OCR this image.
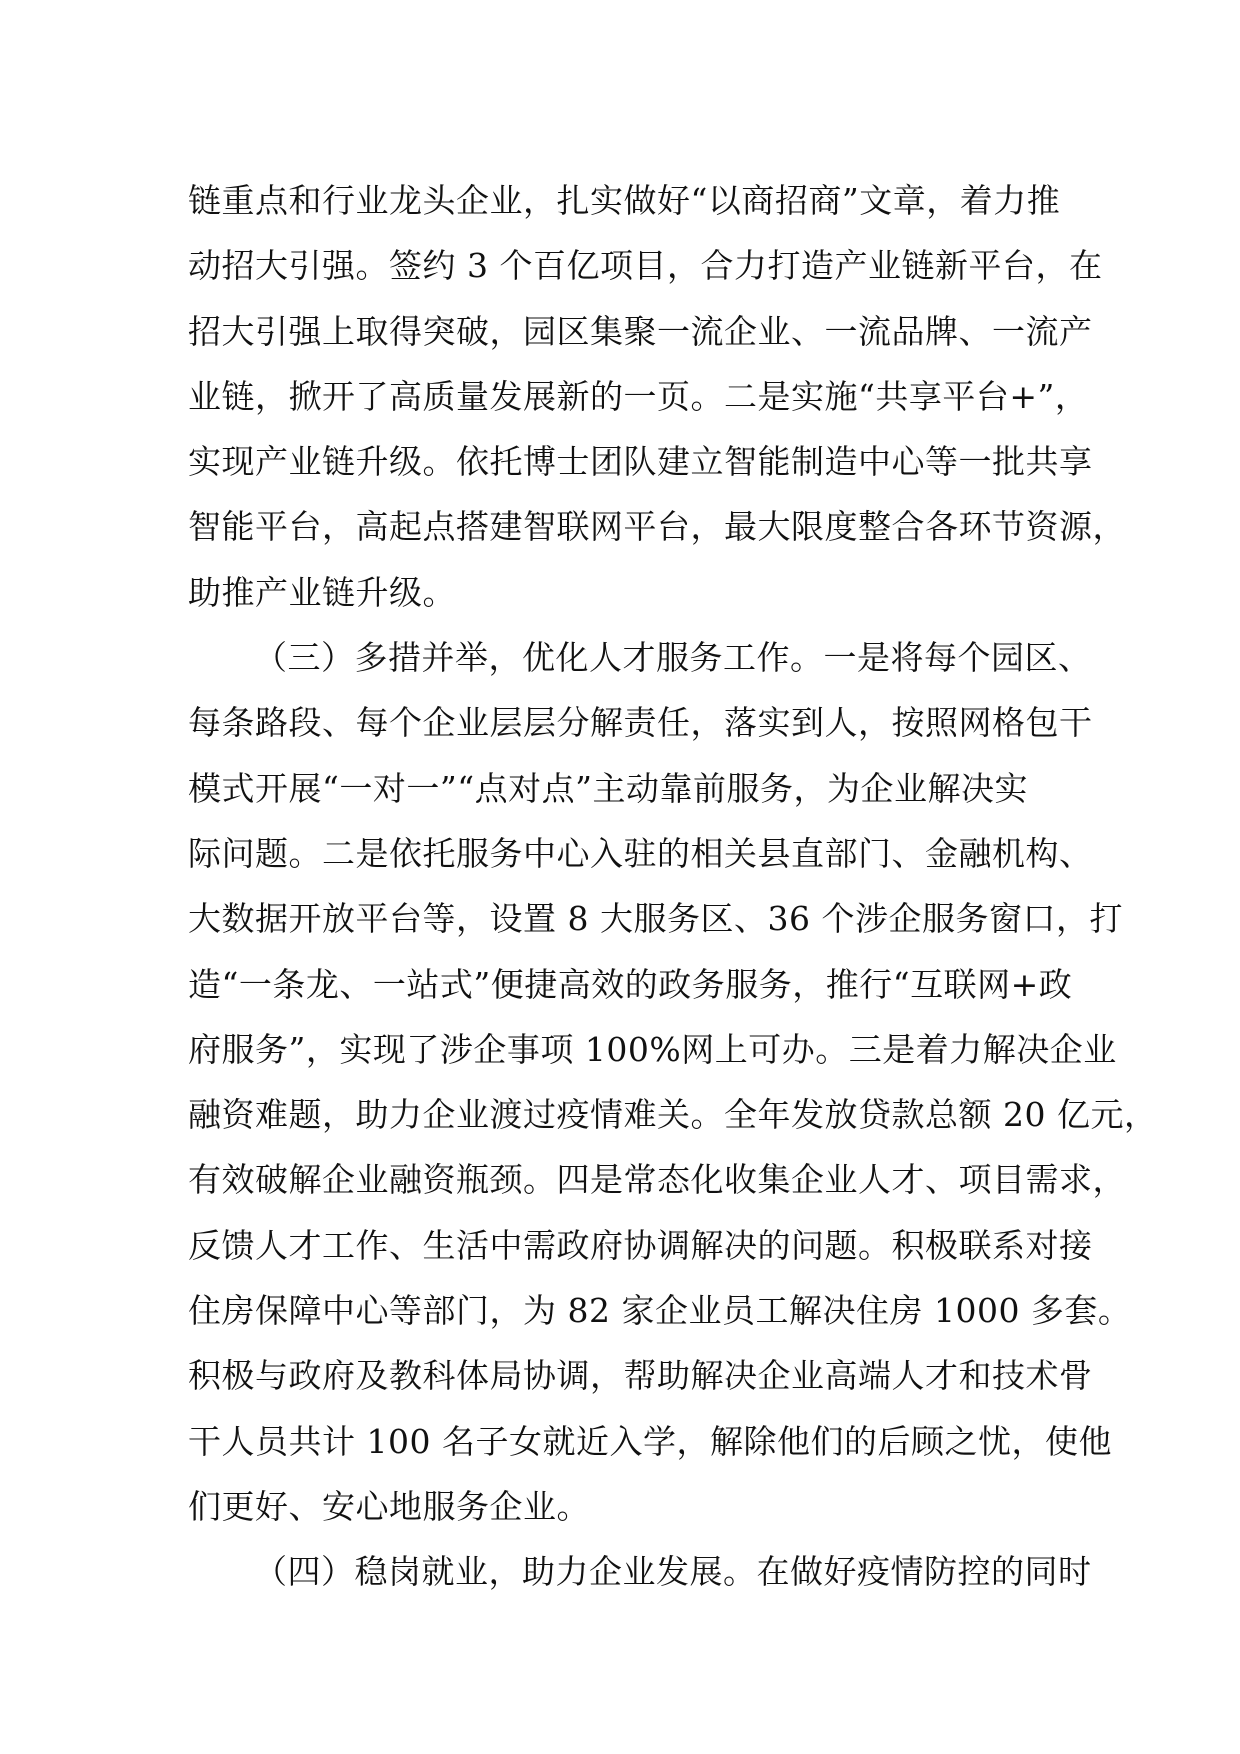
链重点和行业龙头企业，扎实做好“以商招商”文章，着力推
动招大引强。签约 3 个百亿项目，合力打造产业链新平台，在
招大引强上取得突破，园区集聚一流企业、一流品牌、一流产
业链，掀开了高质量发展新的一页。二是实施“共享平台+”，
实现产业链升级。依托博士团队建立智能制造中心等一批共享
智能平台，高起点搭建智联网平台，最大限度整合各环节资源，
助推产业链升级。
（三）多措并举，优化人才服务工作。一是将每个园区、
每条路段、每个企业层层分解责任，落实到人，按照网格包干
模式开展“一对一”“点对点”主动靠前服务，为企业解决实
际问题。二是依托服务中心入驻的相关县直部门、金融机构、
大数据开放平台等，设置 8 大服务区、36 个涉企服务窗口，打
造“一条龙、一站式”便捷高效的政务服务，推行“互联网+政
府服务”，实现了涉企事项 100%网上可办。三是着力解决企业
融资难题，助力企业渡过疫情难关。全年发放贷款总额 20 亿元，
有效破解企业融资瓶颈。四是常态化收集企业人才、项目需求，
反馈人才工作、生活中需政府协调解决的问题。积极联系对接
住房保障中心等部门，为 82 家企业员工解决住房 1000 多套。
积极与政府及教科体局协调，帮助解决企业高端人才和技术骨
干人员共计 100 名子女就近入学，解除他们的后顾之忧，使他
们更好、安心地服务企业。
（四）稳岗就业，助力企业发展。在做好疫情防控的同时
